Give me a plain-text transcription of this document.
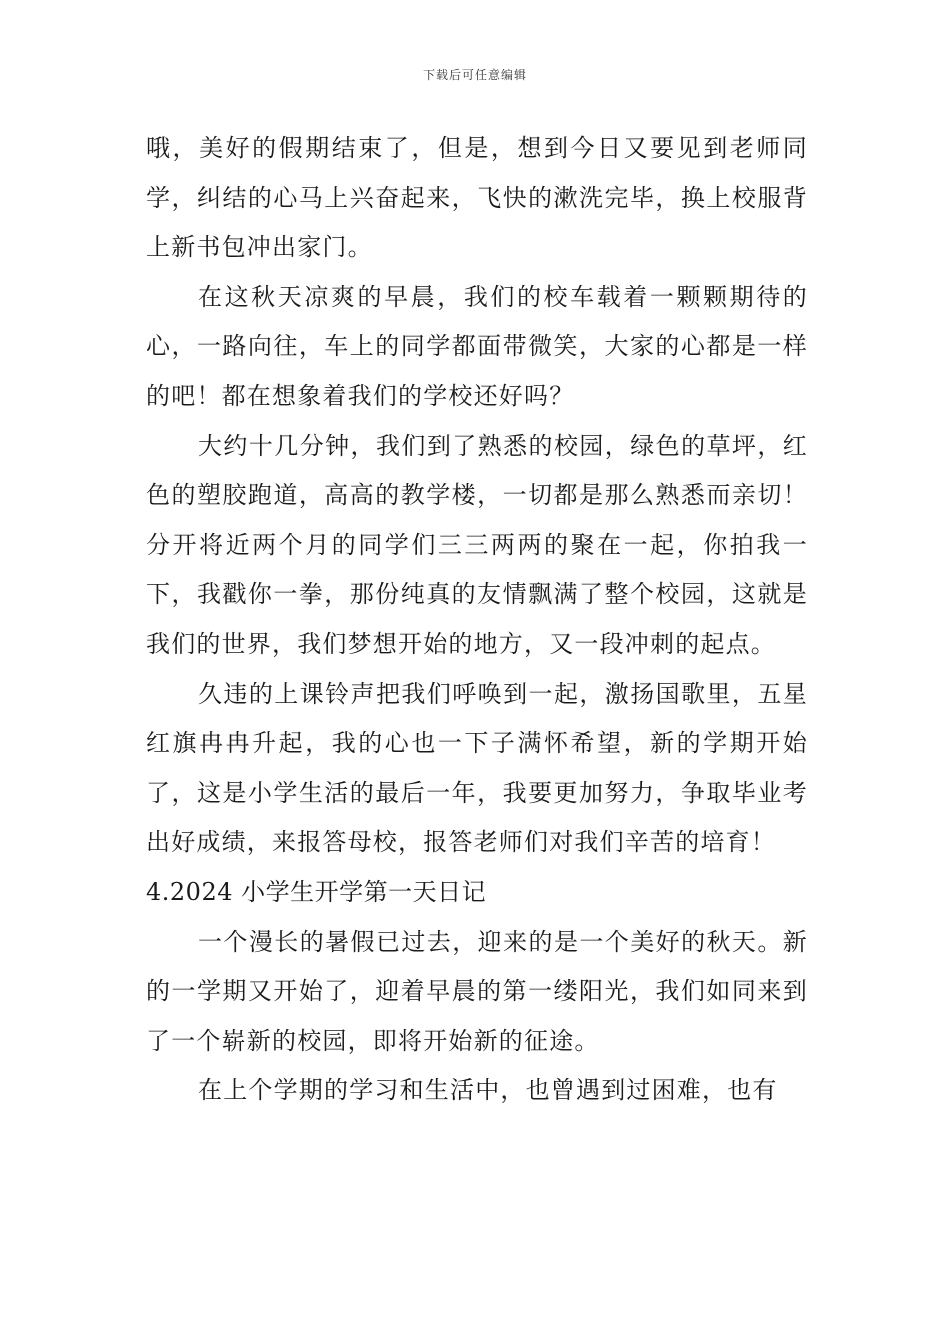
下载后可任意编辑

哦，美好的假期结束了，但是，想到今日又要见到老师同学，纠结的心马上兴奋起来，飞快的漱洗完毕，换上校服背上新书包冲出家门。

在这秋天凉爽的早晨，我们的校车载着一颗颗期待的心，一路向往，车上的同学都面带微笑，大家的心都是一样的吧！都在想象着我们的学校还好吗？

大约十几分钟，我们到了熟悉的校园，绿色的草坪，红色的塑胶跑道，高高的教学楼，一切都是那么熟悉而亲切！分开将近两个月的同学们三三两两的聚在一起，你拍我一下，我戳你一拳，那份纯真的友情飘满了整个校园，这就是我们的世界，我们梦想开始的地方，又一段冲刺的起点。

久违的上课铃声把我们呼唤到一起，激扬国歌里，五星红旗冉冉升起，我的心也一下子满怀希望，新的学期开始了，这是小学生活的最后一年，我要更加努力，争取毕业考出好成绩，来报答母校，报答老师们对我们辛苦的培育！

4.2024 小学生开学第一天日记

一个漫长的暑假已过去，迎来的是一个美好的秋天。新的一学期又开始了，迎着早晨的第一缕阳光，我们如同来到了一个崭新的校园，即将开始新的征途。

在上个学期的学习和生活中，也曾遇到过困难，也有
